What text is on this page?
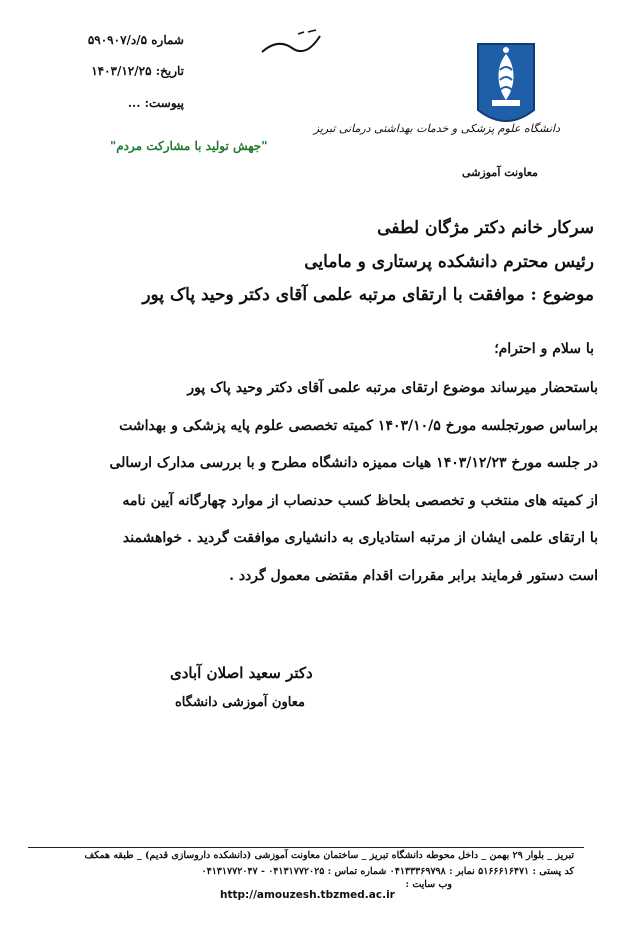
دانشگاه علوم پزشکی و خدمات بهداشتی درمانی تبریز
معاونت آموزشی
شماره ۵/د/۵۹۰۹۰۷
تاریخ: ۱۴۰۳/۱۲/۲۵
پیوست: ...
"جهش تولید با مشارکت مردم"
سرکار خانم دکتر مژگان لطفی
رئیس محترم دانشکده پرستاری و مامایی
موضوع : موافقت با ارتقای مرتبه علمی آقای دکتر وحید پاک پور
با سلام و احترام؛
باستحضار میرساند موضوع ارتقای مرتبه علمی آقای دکتر وحید پاک پور
براساس صورتجلسه مورخ ۱۴۰۳/۱۰/۵ کمیته تخصصی علوم پایه پزشکی و بهداشت
در جلسه مورخ ۱۴۰۳/۱۲/۲۳ هیات ممیزه دانشگاه مطرح و با بررسی مدارک ارسالی
از کمیته های منتخب و تخصصی بلحاظ کسب حدنصاب از موارد چهارگانه آیین نامه
با ارتقای علمی ایشان از مرتبه استادیاری به دانشیاری موافقت گردید . خواهشمند
است دستور فرمایند برابر مقررات اقدام مقتضی معمول گردد .
دکتر سعید اصلان آبادی
معاون آموزشی دانشگاه
تبریز _ بلوار ۲۹ بهمن _ داخل محوطه دانشگاه تبریز _ ساختمان معاونت آموزشی (دانشکده داروسازی قدیم) _ طبقه همکف
کد پستی : ۵۱۶۶۶۱۶۴۷۱ نمابر : ۰۴۱۳۳۳۶۹۷۹۸ شماره تماس : ۰۴۱۳۱۷۷۲۰۲۵ - ۰۴۱۳۱۷۷۲۰۴۷
وب سایت :
http://amouzesh.tbzmed.ac.ir
